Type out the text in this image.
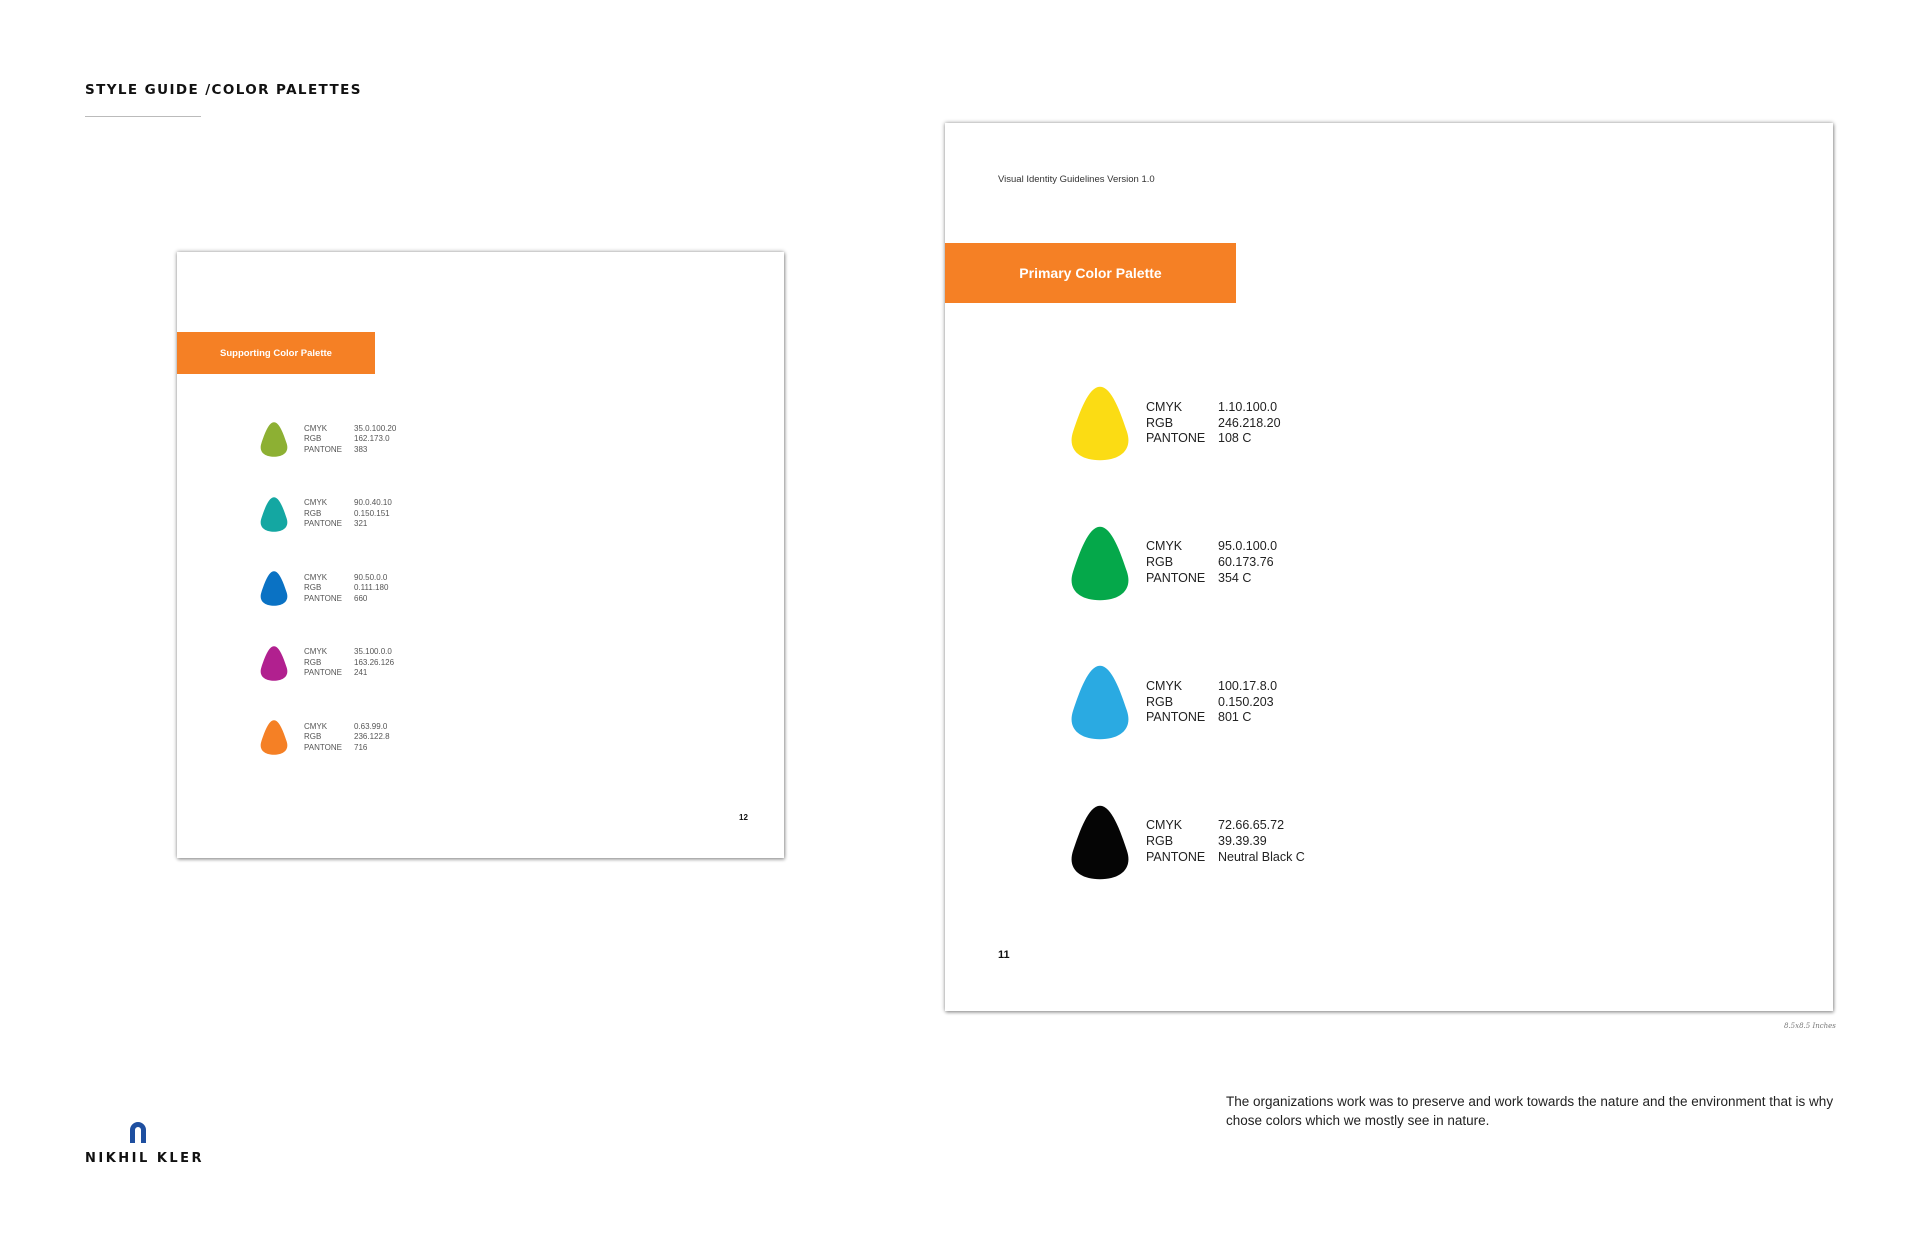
STYLE GUIDE /COLOR PALETTES
Supporting Color Palette
CMYK	35.0.100.20
RGB	162.173.0
PANTONE	383
CMYK	90.0.40.10
RGB	0.150.151
PANTONE	321
CMYK	90.50.0.0
RGB	0.111.180
PANTONE	660
CMYK	35.100.0.0
RGB	163.26.126
PANTONE	241
CMYK	0.63.99.0
RGB	236.122.8
PANTONE	716
12
Visual Identity Guidelines Version 1.0
Primary Color Palette
CMYK	1.10.100.0
RGB	246.218.20
PANTONE	108 C
CMYK	95.0.100.0
RGB	60.173.76
PANTONE	354 C
CMYK	100.17.8.0
RGB	0.150.203
PANTONE	801 C
CMYK	72.66.65.72
RGB	39.39.39
PANTONE	Neutral Black C
11
8.5x8.5 Inches
The organizations work was to preserve and work towards the nature and the environment that is why chose colors which we mostly see in nature.
NIKHIL KLER
